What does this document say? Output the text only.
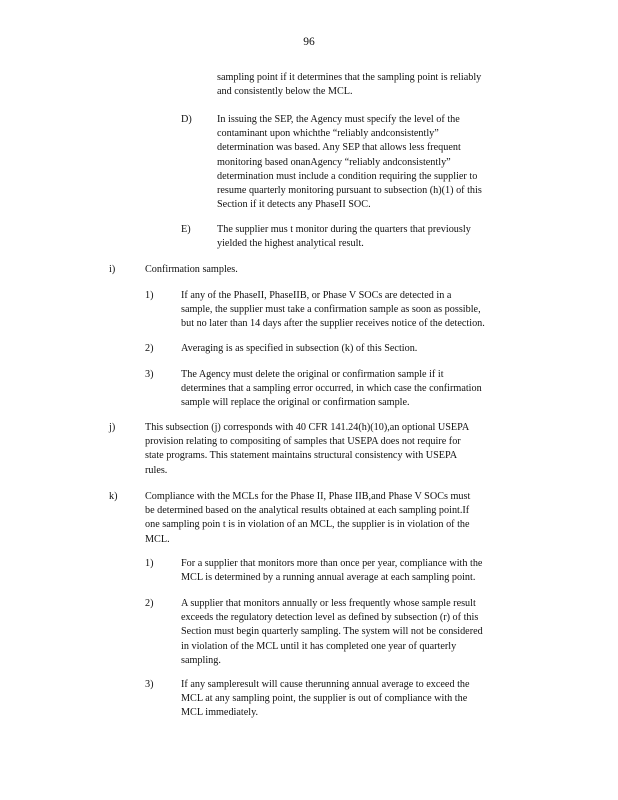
96
sampling point if it determines that the sampling point is reliably
and consistently below the MCL.
D) In issuing the SEP, the Agency must specify the level of the
contaminant upon whichthe “reliably andconsistently”
determination was based. Any SEP that allows less frequent
monitoring based onanAgency “reliably andconsistently”
determination must include a condition requiring the supplier to
resume quarterly monitoring pursuant to subsection (h)(1) of this
Section if it detects any PhaseII SOC.
E)	The supplier mus t monitor during the quarters that previously
yielded the highest analytical result.
i)	Confirmation samples.
1)	If any of the PhaseII, PhaseIIB, or Phase V SOCs are detected in a
sample, the supplier must take a confirmation sample as soon as possible,
but no later than 14 days after the supplier receives notice of the detection.
2)	Averaging is as specified in subsection (k) of this Section.
3)	The Agency must delete the original or confirmation sample if it
determines that a sampling error occurred, in which case the confirmation
sample will replace the original or confirmation sample.
j)	This subsection (j) corresponds with 40 CFR 141.24(h)(10),an optional USEPA
provision relating to compositing of samples that USEPA does not require for
state programs. This statement maintains structural consistency with USEPA
rules.
k)	Compliance with the MCLs for the Phase II, Phase IIB,and Phase V SOCs must
be determined based on the analytical results obtained at each sampling point.If
one sampling poin t is in violation of an MCL, the supplier is in violation of the
MCL.
1)	For a supplier that monitors more than once per year, compliance with the
MCL is determined by a running annual average at each sampling point.
2)	A supplier that monitors annually or less frequently whose sample result
exceeds the regulatory detection level as defined by subsection (r) of this
Section must begin quarterly sampling. The system will not be considered
in violation of the MCL until it has completed one year of quarterly
sampling.
3)	If any sampleresult will cause therunning annual average to exceed the
MCL at any sampling point, the supplier is out of compliance with the
MCL immediately.
